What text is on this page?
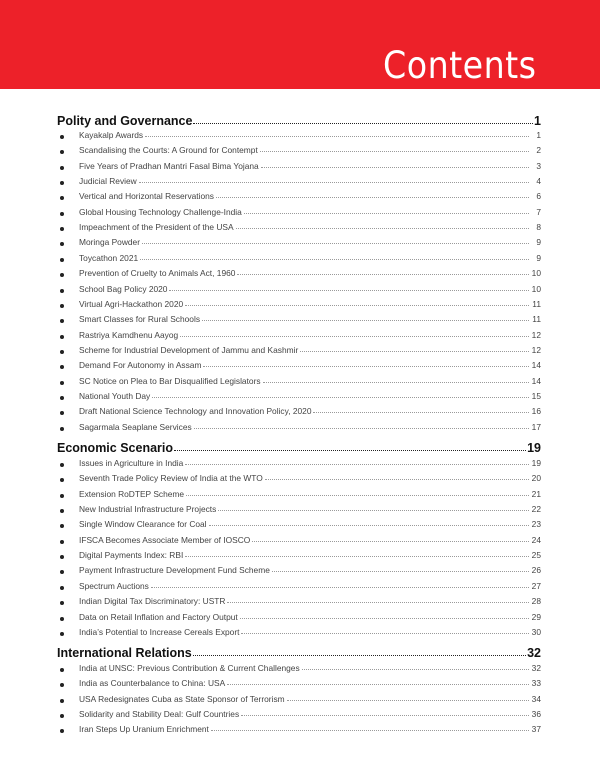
Contents
Polity and Governance	1
Kayakalp Awards	1
Scandalising the Courts: A Ground for Contempt	2
Five Years of Pradhan Mantri Fasal Bima Yojana	3
Judicial Review	4
Vertical and Horizontal Reservations	6
Global Housing Technology Challenge-India	7
Impeachment of the President of the USA	8
Moringa Powder	9
Toycathon 2021	9
Prevention of Cruelty to Animals Act, 1960	10
School Bag Policy 2020	10
Virtual Agri-Hackathon 2020	11
Smart Classes for Rural Schools	11
Rastriya Kamdhenu Aayog	12
Scheme for Industrial Development of Jammu and Kashmir	12
Demand For Autonomy in Assam	14
SC Notice on Plea to Bar Disqualified Legislators	14
National Youth Day	15
Draft National Science Technology and Innovation Policy, 2020	16
Sagarmala Seaplane Services	17
Economic Scenario	19
Issues in Agriculture in India	19
Seventh Trade Policy Review of India at the WTO	20
Extension RoDTEP Scheme	21
New Industrial Infrastructure Projects	22
Single Window Clearance for Coal	23
IFSCA Becomes Associate Member of IOSCO	24
Digital Payments Index: RBI	25
Payment Infrastructure Development Fund Scheme	26
Spectrum Auctions	27
Indian Digital Tax Discriminatory: USTR	28
Data on Retail Inflation and Factory Output	29
India’s Potential to Increase Cereals Export	30
International Relations	32
India at UNSC: Previous Contribution & Current Challenges	32
India as Counterbalance to China: USA	33
USA Redesignates Cuba as State Sponsor of Terrorism	34
Solidarity and Stability Deal: Gulf Countries	36
Iran Steps Up Uranium Enrichment	37
